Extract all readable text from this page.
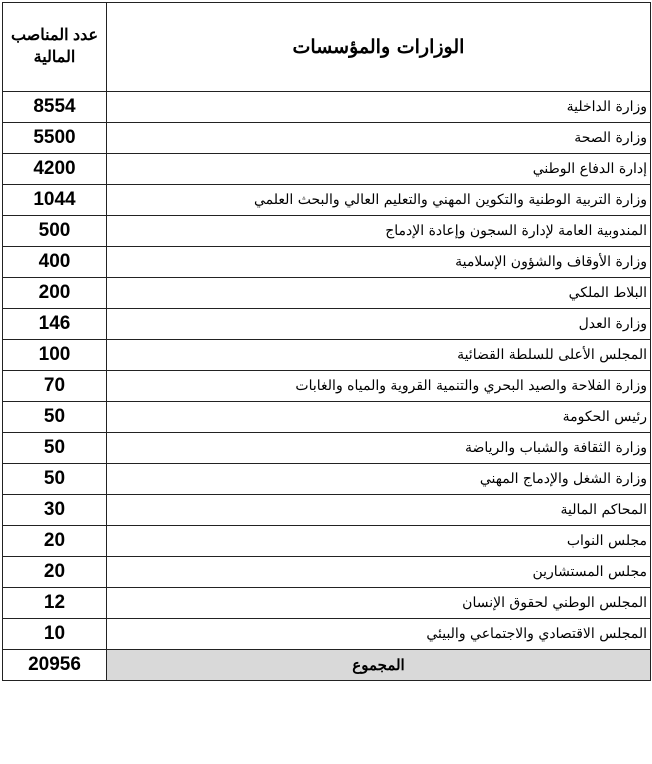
عدد المناصب المالية	الوزارات والمؤسسات
8554	وزارة الداخلية
5500	وزارة الصحة
4200	إدارة الدفاع الوطني
1044	وزارة التربية الوطنية والتكوين المهني والتعليم العالي والبحث العلمي
500	المندوبية العامة لإدارة السجون وإعادة الإدماج
400	وزارة الأوقاف والشؤون الإسلامية
200	البلاط الملكي
146	وزارة العدل
100	المجلس الأعلى للسلطة القضائية
70	وزارة الفلاحة والصيد البحري والتنمية القروية والمياه والغابات
50	رئيس الحكومة
50	وزارة الثقافة والشباب والرياضة
50	وزارة الشغل والإدماج المهني
30	المحاكم المالية
20	مجلس النواب
20	مجلس المستشارين
12	المجلس الوطني لحقوق الإنسان
10	المجلس الاقتصادي والاجتماعي والبيئي
20956	المجموع
